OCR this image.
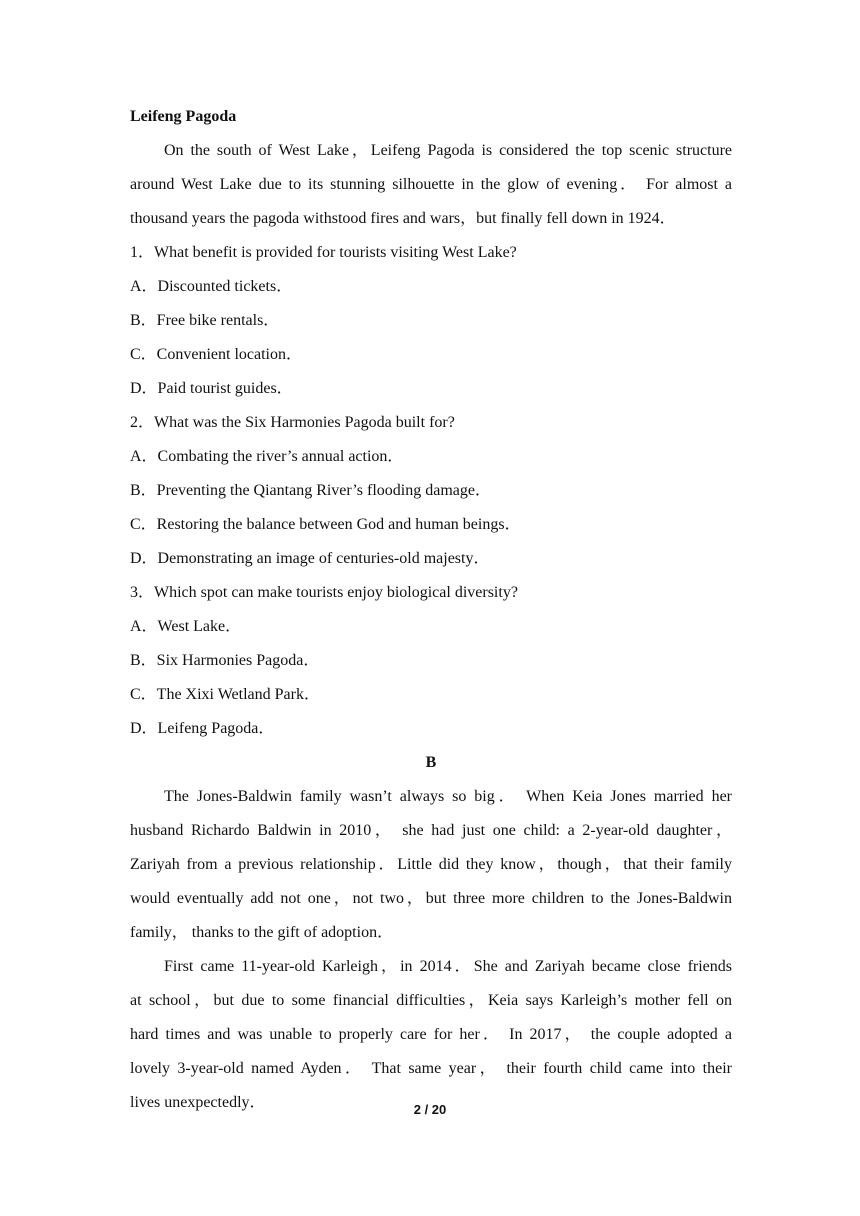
Leifeng Pagoda
On the south of West Lake，Leifeng Pagoda is considered the top scenic structure
around West Lake due to its stunning silhouette in the glow of evening． For almost a
thousand years the pagoda withstood fires and wars，but finally fell down in 1924．
1．What benefit is provided for tourists visiting West Lake?
A．Discounted tickets．
B．Free bike rentals．
C．Convenient location．
D．Paid tourist guides．
2．What was the Six Harmonies Pagoda built for?
A．Combating the river’s annual action．
B．Preventing the Qiantang River’s flooding damage．
C．Restoring the balance between God and human beings．
D．Demonstrating an image of centuries-old majesty．
3．Which spot can make tourists enjoy biological diversity?
A．West Lake．
B．Six Harmonies Pagoda．
C．The Xixi Wetland Park．
D．Leifeng Pagoda．
B
The Jones-Baldwin family wasn’t always so big． When Keia Jones married her
husband Richardo Baldwin in 2010， she had just one child: a 2-year-old daughter，
Zariyah from a previous relationship．Little did they know，though，that their family
would eventually add not one，not two，but three more children to the Jones-Baldwin
family， thanks to the gift of adoption．
First came 11-year-old Karleigh，in 2014．She and Zariyah became close friends
at school，but due to some financial difficulties，Keia says Karleigh’s mother fell on
hard times and was unable to properly care for her． In 2017， the couple adopted a
lovely 3-year-old named Ayden． That same year， their fourth child came into their
lives unexpectedly．	2 / 20
